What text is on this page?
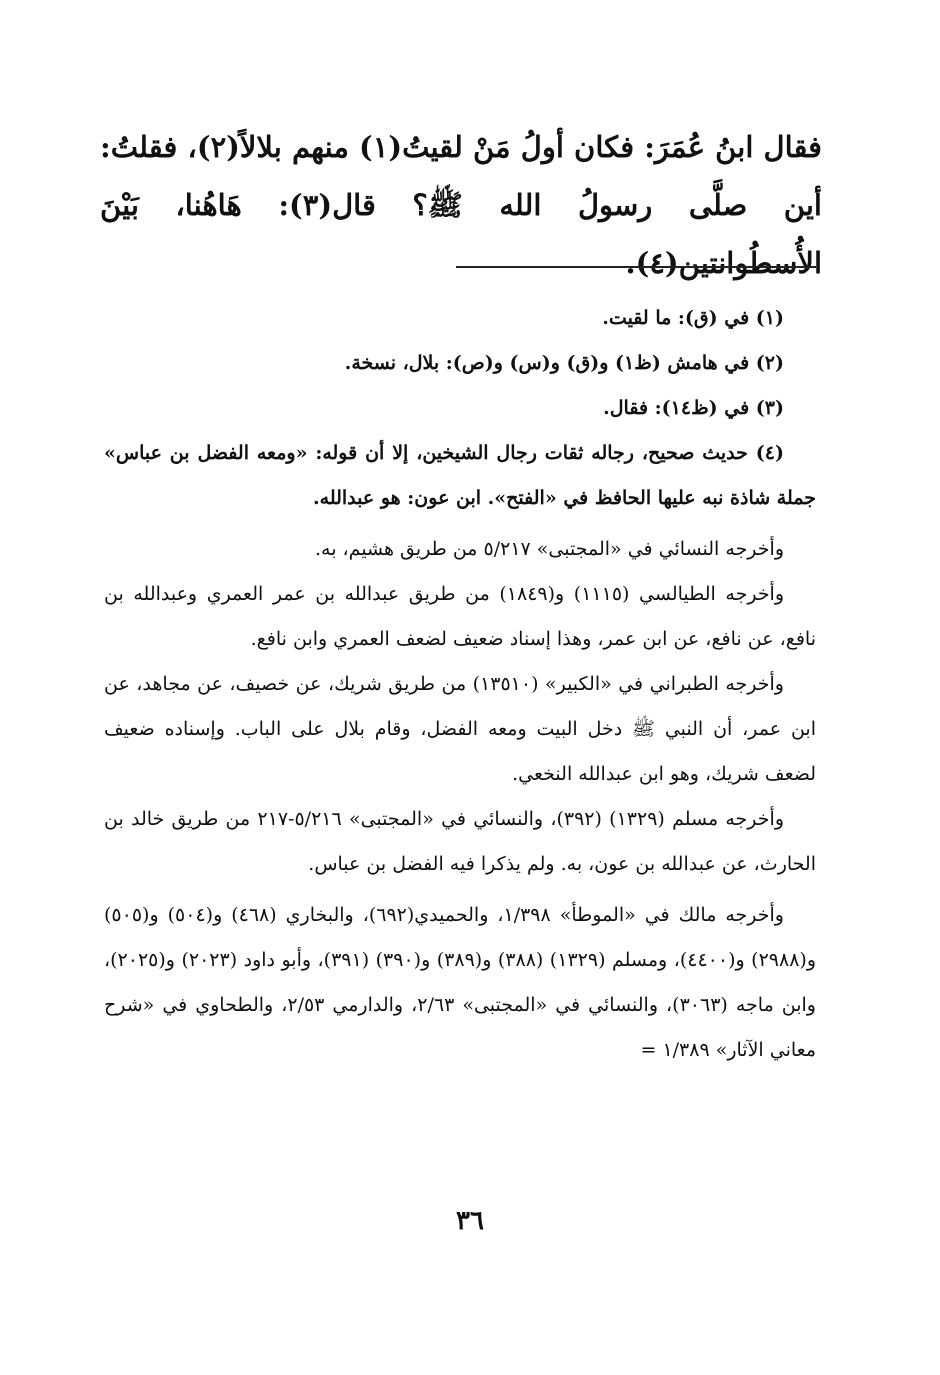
فقال ابنُ عُمَرَ: فكان أولُ مَنْ لقيتُ(١) منهم بلالاً(٢)، فقلتُ: أين صلَّى رسولُ الله ﷺ؟ قال(٣): هَاهُنا، بَيْنَ الأُسطُوانتين(٤).

(١) في (ق): ما لقيت.

(٢) في هامش (ظ١) و(ق) و(س) و(ص): بلال، نسخة.

(٣) في (ظ١٤): فقال.

(٤) حديث صحيح، رجاله ثقات رجال الشيخين، إلا أن قوله: «ومعه الفضل بن عباس» جملة شاذة نبه عليها الحافظ في «الفتح». ابن عون: هو عبدالله.

وأخرجه النسائي في «المجتبى» ٥/٢١٧ من طريق هشيم، به.

وأخرجه الطيالسي (١١١٥) و(١٨٤٩) من طريق عبدالله بن عمر العمري وعبدالله بن نافع، عن نافع، عن ابن عمر، وهذا إسناد ضعيف لضعف العمري وابن نافع.

وأخرجه الطبراني في «الكبير» (١٣٥١٠) من طريق شريك، عن خصيف، عن مجاهد، عن ابن عمر، أن النبي ﷺ دخل البيت ومعه الفضل، وقام بلال على الباب. وإسناده ضعيف لضعف شريك، وهو ابن عبدالله النخعي.

وأخرجه مسلم (١٣٢٩) (٣٩٢)، والنسائي في «المجتبى» ٥/٢١٦-٢١٧ من طريق خالد بن الحارث، عن عبدالله بن عون، به. ولم يذكرا فيه الفضل بن عباس.

وأخرجه مالك في «الموطأ» ١/٣٩٨، والحميدي(٦٩٢)، والبخاري (٤٦٨) و(٥٠٤) و(٥٠٥) و(٢٩٨٨) و(٤٤٠٠)، ومسلم (١٣٢٩) (٣٨٨) و(٣٨٩) و(٣٩٠) (٣٩١)، وأبو داود (٢٠٢٣) و(٢٠٢٥)، وابن ماجه (٣٠٦٣)، والنسائي في «المجتبى» ٢/٦٣، والدارمي ٢/٥٣، والطحاوي في «شرح معاني الآثار» ١/٣٨٩ =

٣٦
